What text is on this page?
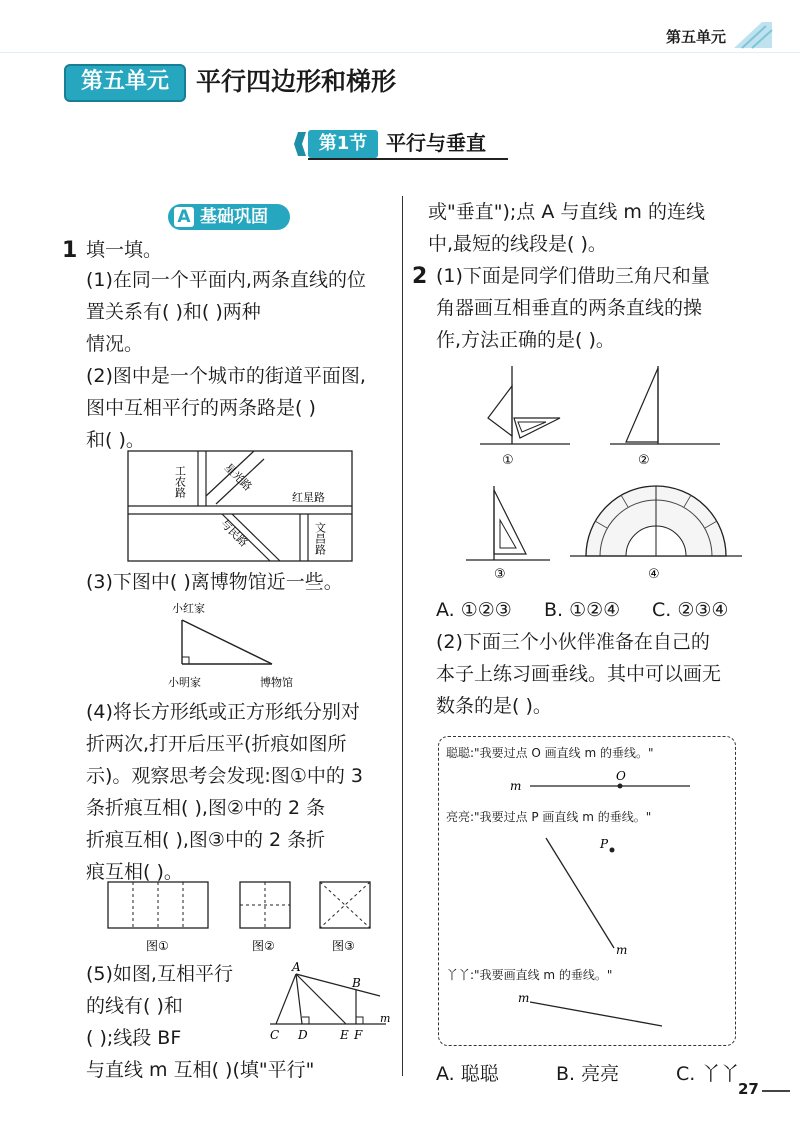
第五单元
第五单元	平行四边形和梯形
第1节 平行与垂直
A 基础巩固
1 填一填。
(1)在同一个平面内,两条直线的位
置关系有( )和( )两种
情况。
(2)图中是一个城市的街道平面图,
图中互相平行的两条路是( )
和( )。
工农路	星光路
红星路
与民路	文昌路
(3)下图中( )离博物馆近一些。
小红家
小明家	博物馆
(4)将长方形纸或正方形纸分别对
折两次,打开后压平(折痕如图所
示)。观察思考会发现:图①中的 3
条折痕互相( ),图②中的 2 条
折痕互相( ),图③中的 2 条折
痕互相( )。
图①	图②	图③
(5)如图,互相平行
的线有( )和
( );线段 BF
与直线 m 互相( )(填"平行"
A
B
C D	E F
m
或"垂直");点 A 与直线 m 的连线
中,最短的线段是( )。
2 (1)下面是同学们借助三角尺和量
角器画互相垂直的两条直线的操
作,方法正确的是( )。
①	②
③	④
A. ①②③ B. ①②④ C. ②③④
(2)下面三个小伙伴准备在自己的
本子上练习画垂线。其中可以画无
数条的是( )。
聪聪:"我要过点 O 画直线 m 的垂线。"
亮亮:"我要过点 P 画直线 m 的垂线。"
丫丫:"我要画直线 m 的垂线。"
m
O
P
m
m
A. 聪聪	B. 亮亮	C. 丫丫
27
